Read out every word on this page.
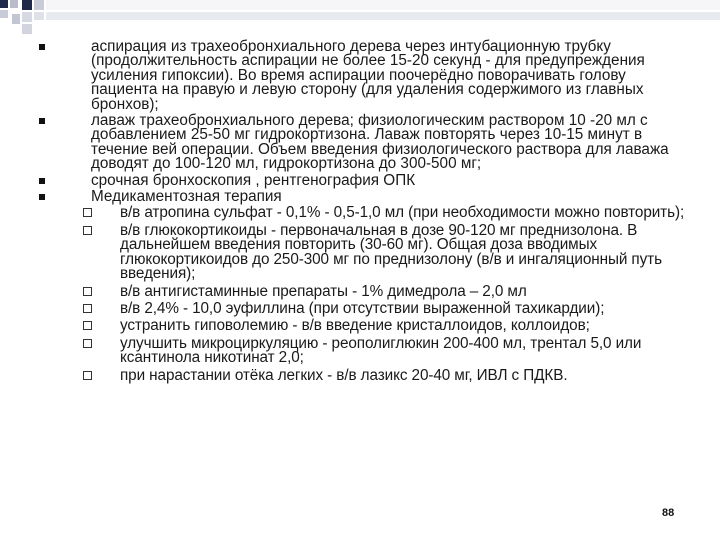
аспирация из трахеобронхиального дерева через интубационную трубку (продолжительность аспирации не более 15-20 секунд - для предупреждения усиления гипоксии). Во время аспирации поочерёдно поворачивать голову пациента на правую и левую сторону (для удаления содержимого из главных бронхов);
лаваж трахеобронхиального дерева; физиологическим раствором 10 -20 мл с добавлением 25-50 мг гидрокортизона. Лаваж повторять через 10-15 минут в течение вей операции. Объем введения физиологического раствора для лаважа доводят до 100-120 мл, гидрокортизона до 300-500 мг;
срочная бронхоскопия , рентгенография ОПК
Медикаментозная терапия
в/в атропина сульфат - 0,1% - 0,5-1,0 мл (при необходимости можно повторить);
в/в глюкокортикоиды - первоначальная в дозе 90-120 мг преднизолона. В дальнейшем введения повторить (30-60 мг). Общая доза вводимых глюкокортикоидов до 250-300 мг по преднизолону (в/в и ингаляционный путь введения);
в/в антигистаминные препараты - 1% димедрола – 2,0 мл
в/в 2,4% - 10,0 эуфиллина (при отсутствии выраженной тахикардии);
устранить гиповолемию - в/в введение кристаллоидов, коллоидов;
улучшить микроциркуляцию - реополиглюкин 200-400 мл, трентал 5,0 или ксантинола никотинат 2,0;
при нарастании отёка легких - в/в лазикс 20-40 мг, ИВЛ с ПДКВ.
88
